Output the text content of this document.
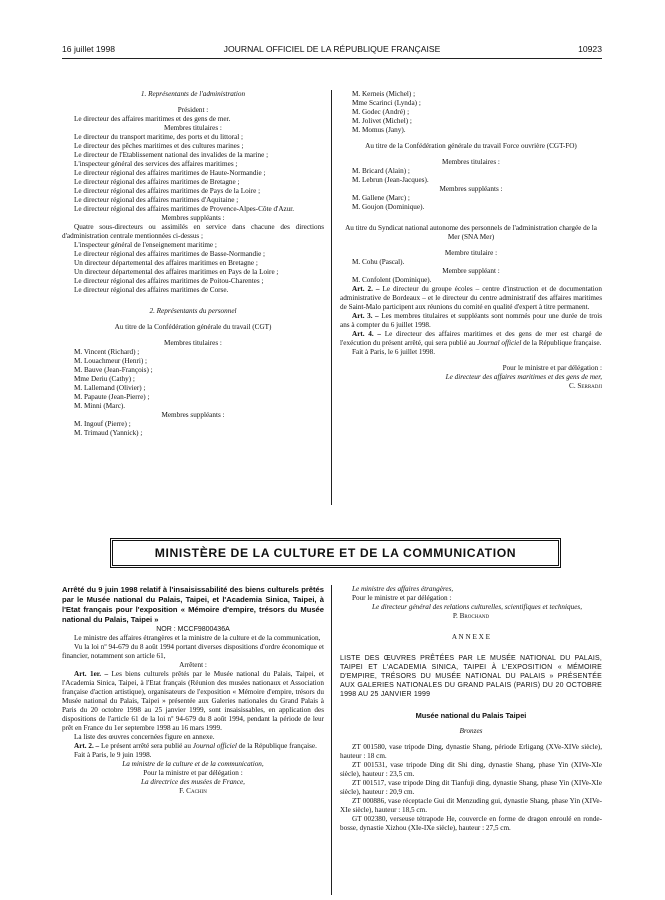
16 juillet 1998	JOURNAL OFFICIEL DE LA RÉPUBLIQUE FRANÇAISE	10923

1. Représentants de l'administration

Président :

Le directeur des affaires maritimes et des gens de mer.

Membres titulaires :

Le directeur du transport maritime, des ports et du littoral ;

Le directeur des pêches maritimes et des cultures marines ;

Le directeur de l'Etablissement national des invalides de la marine ;

L'inspecteur général des services des affaires maritimes ;

Le directeur régional des affaires maritimes de Haute-Normandie ;

Le directeur régional des affaires maritimes de Bretagne ;

Le directeur régional des affaires maritimes de Pays de la Loire ;

Le directeur régional des affaires maritimes d'Aquitaine ;

Le directeur régional des affaires maritimes de Provence-Alpes-Côte d'Azur.

Membres suppléants :

Quatre sous-directeurs ou assimilés en service dans chacune des directions d'administration centrale mentionnées ci-dessus ;

L'inspecteur général de l'enseignement maritime ;

Le directeur régional des affaires maritimes de Basse-Normandie ;

Un directeur départemental des affaires maritimes en Bretagne ;

Un directeur départemental des affaires maritimes en Pays de la Loire ;

Le directeur régional des affaires maritimes de Poitou-Charentes ;

Le directeur régional des affaires maritimes de Corse.

2. Représentants du personnel

Au titre de la Confédération générale du travail (CGT)

Membres titulaires :

M. Vincent (Richard) ;

M. Louachmeur (Henri) ;

M. Bauve (Jean-François) ;

Mme Deriu (Cathy) ;

M. Lallemand (Olivier) ;

M. Papaute (Jean-Pierre) ;

M. Minni (Marc).

Membres suppléants :

M. Ingouf (Pierre) ;

M. Trimaud (Yannick) ;

M. Kerneis (Michel) ;

Mme Scarinci (Lynda) ;

M. Godec (André) ;

M. Jolivet (Michel) ;

M. Momus (Jany).

Au titre de la Confédération générale du travail Force ouvrière (CGT-FO)

Membres titulaires :

M. Bricard (Alain) ;

M. Lebrun (Jean-Jacques).

Membres suppléants :

M. Gallene (Marc) ;

M. Goujon (Dominique).

Au titre du Syndicat national autonome des personnels de l'administration chargée de la Mer (SNA Mer)

Membre titulaire :

M. Cohu (Pascal).

Membre suppléant :

M. Confolent (Dominique).

Art. 2. – Le directeur du groupe écoles – centre d'instruction et de documentation administrative de Bordeaux – et le directeur du centre administratif des affaires maritimes de Saint-Malo participent aux réunions du comité en qualité d'expert à titre permanent.

Art. 3. – Les membres titulaires et suppléants sont nommés pour une durée de trois ans à compter du 6 juillet 1998.

Art. 4. – Le directeur des affaires maritimes et des gens de mer est chargé de l'exécution du présent arrêté, qui sera publié au Journal officiel de la République française.

Fait à Paris, le 6 juillet 1998.

Pour le ministre et par délégation :

Le directeur des affaires maritimes et des gens de mer,

C. Serradji

MINISTÈRE DE LA CULTURE ET DE LA COMMUNICATION

Arrêté du 9 juin 1998 relatif à l'insaisissabilité des biens culturels prêtés par le Musée national du Palais, Taipei, et l'Academia Sinica, Taipei, à l'Etat français pour l'exposition « Mémoire d'empire, trésors du Musée national du Palais, Taipei »

NOR : MCCF9800436A

Le ministre des affaires étrangères et la ministre de la culture et de la communication,

Vu la loi nº 94-679 du 8 août 1994 portant diverses dispositions d'ordre économique et financier, notamment son article 61,

Arrêtent :

Art. 1er. – Les biens culturels prêtés par le Musée national du Palais, Taipei, et l'Academia Sinica, Taipei, à l'Etat français (Réunion des musées nationaux et Association française d'action artistique), organisateurs de l'exposition « Mémoire d'empire, trésors du Musée national du Palais, Taipei » présentée aux Galeries nationales du Grand Palais à Paris du 20 octobre 1998 au 25 janvier 1999, sont insaisissables, en application des dispositions de l'article 61 de la loi nº 94-679 du 8 août 1994, pendant la période de leur prêt en France du 1er septembre 1998 au 16 mars 1999.

La liste des œuvres concernées figure en annexe.

Art. 2. – Le présent arrêté sera publié au Journal officiel de la République française.

Fait à Paris, le 9 juin 1998.

La ministre de la culture et de la communication,

Pour la ministre et par délégation :

La directrice des musées de France,

F. Cachin

Le ministre des affaires étrangères,

Pour le ministre et par délégation :

Le directeur général des relations culturelles, scientifiques et techniques,

P. Brochand

A N N E X E

LISTE DES ŒUVRES PRÊTÉES PAR LE MUSÉE NATIONAL DU PALAIS, TAIPEI ET L'ACADEMIA SINICA, TAIPEI À L'EXPOSITION « MÉMOIRE D'EMPIRE, TRÉSORS DU MUSÉE NATIONAL DU PALAIS » PRÉSENTÉE AUX GALERIES NATIONALES DU GRAND PALAIS (PARIS) DU 20 OCTOBRE 1998 AU 25 JANVIER 1999

Musée national du Palais Taipei

Bronzes

ZT 001580, vase tripode Ding, dynastie Shang, période Erligang (XVe-XIVe siècle), hauteur : 18 cm.

ZT 001531, vase tripode Ding dit Shi ding, dynastie Shang, phase Yin (XIVe-XIe siècle), hauteur : 23,5 cm.

ZT 001517, vase tripode Ding dit Tianfuji ding, dynastie Shang, phase Yin (XIVe-XIe siècle), hauteur : 20,9 cm.

ZT 000886, vase réceptacle Gui dit Menzuding gui, dynastie Shang, phase Yin (XIVe-XIe siècle), hauteur : 18,5 cm.

GT 002380, verseuse tétrapode He, couvercle en forme de dragon enroulé en ronde-bosse, dynastie Xizhou (XIe-IXe siècle), hauteur : 27,5 cm.
